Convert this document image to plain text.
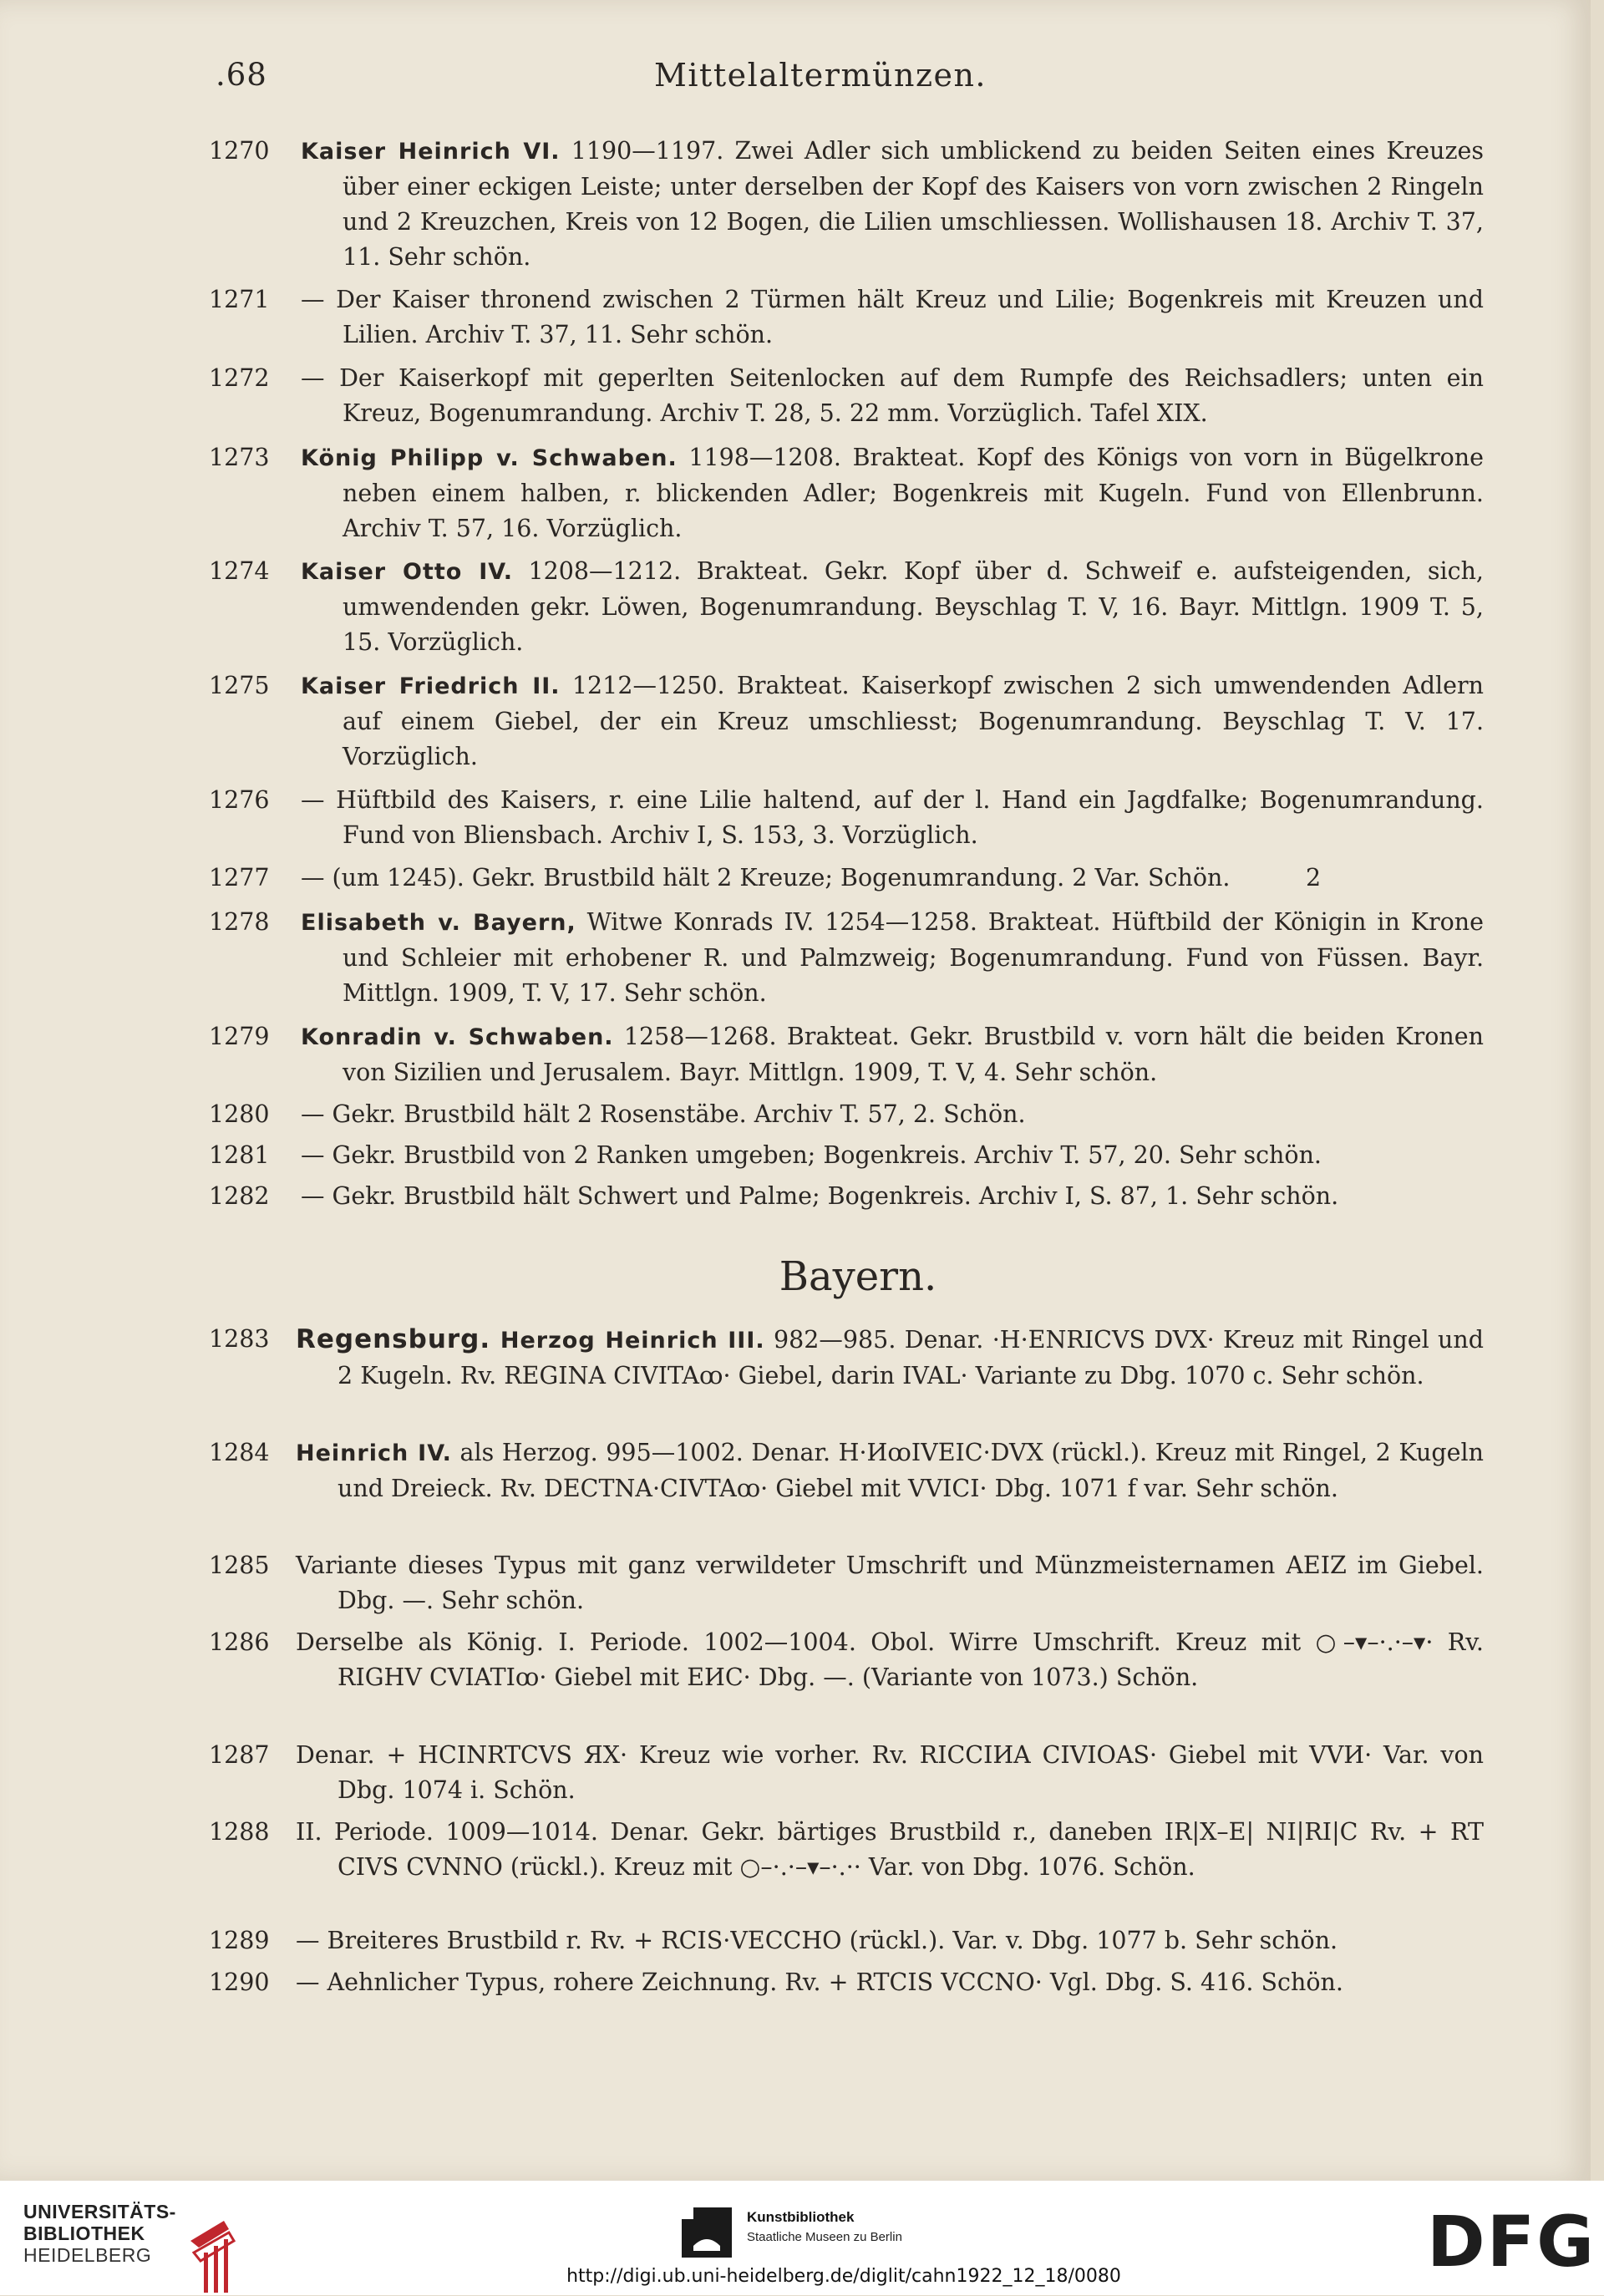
.68	Mittelaltermünzen.
1270	Kaiser Heinrich VI. 1190—1197. Zwei Adler sich umblickend zu beiden Seiten eines Kreuzes über einer eckigen Leiste; unter derselben der Kopf des Kaisers von vorn zwischen 2 Ringeln und 2 Kreuzchen, Kreis von 12 Bogen, die Lilien umschliessen. Wollishausen 18. Archiv T. 37, 11. Sehr schön.
1271	— Der Kaiser thronend zwischen 2 Türmen hält Kreuz und Lilie; Bogenkreis mit Kreuzen und Lilien. Archiv T. 37, 11. Sehr schön.
1272	— Der Kaiserkopf mit geperlten Seitenlocken auf dem Rumpfe des Reichsadlers; unten ein Kreuz, Bogenumrandung. Archiv T. 28, 5. 22 mm. Vorzüglich. Tafel XIX.
1273	König Philipp v. Schwaben. 1198—1208. Brakteat. Kopf des Königs von vorn in Bügelkrone neben einem halben, r. blickenden Adler; Bogenkreis mit Kugeln. Fund von Ellenbrunn. Archiv T. 57, 16. Vorzüglich.
1274	Kaiser Otto IV. 1208—1212. Brakteat. Gekr. Kopf über d. Schweif e. aufsteigenden, sich, umwendenden gekr. Löwen, Bogenumrandung. Beyschlag T. V, 16. Bayr. Mittlgn. 1909 T. 5, 15. Vorzüglich.
1275	Kaiser Friedrich II. 1212—1250. Brakteat. Kaiserkopf zwischen 2 sich umwendenden Adlern auf einem Giebel, der ein Kreuz umschliesst; Bogenumrandung. Beyschlag T. V. 17. Vorzüglich.
1276	— Hüftbild des Kaisers, r. eine Lilie haltend, auf der l. Hand ein Jagdfalke; Bogenumrandung. Fund von Bliensbach. Archiv I, S. 153, 3. Vorzüglich.
1277	— (um 1245). Gekr. Brustbild hält 2 Kreuze; Bogenumrandung. 2 Var. Schön.          2
1278	Elisabeth v. Bayern, Witwe Konrads IV. 1254—1258. Brakteat. Hüftbild der Königin in Krone und Schleier mit erhobener R. und Palmzweig; Bogenumrandung. Fund von Füssen. Bayr. Mittlgn. 1909, T. V, 17. Sehr schön.
1279	Konradin v. Schwaben. 1258—1268. Brakteat. Gekr. Brustbild v. vorn hält die beiden Kronen von Sizilien und Jerusalem. Bayr. Mittlgn. 1909, T. V, 4. Sehr schön.
1280	— Gekr. Brustbild hält 2 Rosenstäbe. Archiv T. 57, 2. Schön.
1281	— Gekr. Brustbild von 2 Ranken umgeben; Bogenkreis. Archiv T. 57, 20. Sehr schön.
1282	— Gekr. Brustbild hält Schwert und Palme; Bogenkreis. Archiv I, S. 87, 1. Sehr schön.
Bayern.
1283	Regensburg. Herzog Heinrich III. 982—985. Denar. ·H·ENRICVS DVX· Kreuz mit Ringel und 2 Kugeln. Rv. REGINA CIVITAꝏ· Giebel, darin IVAL· Variante zu Dbg. 1070 c. Sehr schön.
1284	Heinrich IV. als Herzog. 995—1002. Denar. H·ИꝏIVEIC·DVX (rückl.). Kreuz mit Ringel, 2 Kugeln und Dreieck. Rv. DECTNA·CIVTAꝏ· Giebel mit VVICI· Dbg. 1071 f var. Sehr schön.
1285	Variante dieses Typus mit ganz verwildeter Umschrift und Münzmeisternamen AEIZ im Giebel. Dbg. —. Sehr schön.
1286	Derselbe als König. I. Periode. 1002—1004. Obol. Wirre Umschrift. Kreuz mit ○–▾–·.·–▾· Rv. RIGHV CVIATIꝏ· Giebel mit EИC· Dbg. —. (Variante von 1073.) Schön.
1287	Denar. + HCINRTCVS ЯX· Kreuz wie vorher. Rv. RICCIИA CIVIOAS· Giebel mit VVИ· Var. von Dbg. 1074 i. Schön.
1288	II. Periode. 1009—1014. Denar. Gekr. bärtiges Brustbild r., daneben IR|X–E| NI|RI|C Rv. + RT CIVS CVNNO (rückl.). Kreuz mit ○–·.·–▾–·.·· Var. von Dbg. 1076. Schön.
1289	— Breiteres Brustbild r. Rv. + RCIS·VECCHO (rückl.). Var. v. Dbg. 1077 b. Sehr schön.
1290	— Aehnlicher Typus, rohere Zeichnung. Rv. + RTCIS VCCNO· Vgl. Dbg. S. 416. Schön.
UNIVERSITÄTS-
BIBLIOTHEK
HEIDELBERG
Kunstbibliothek
Staatliche Museen zu Berlin	DFG
http://digi.ub.uni-heidelberg.de/diglit/cahn1922_12_18/0080
